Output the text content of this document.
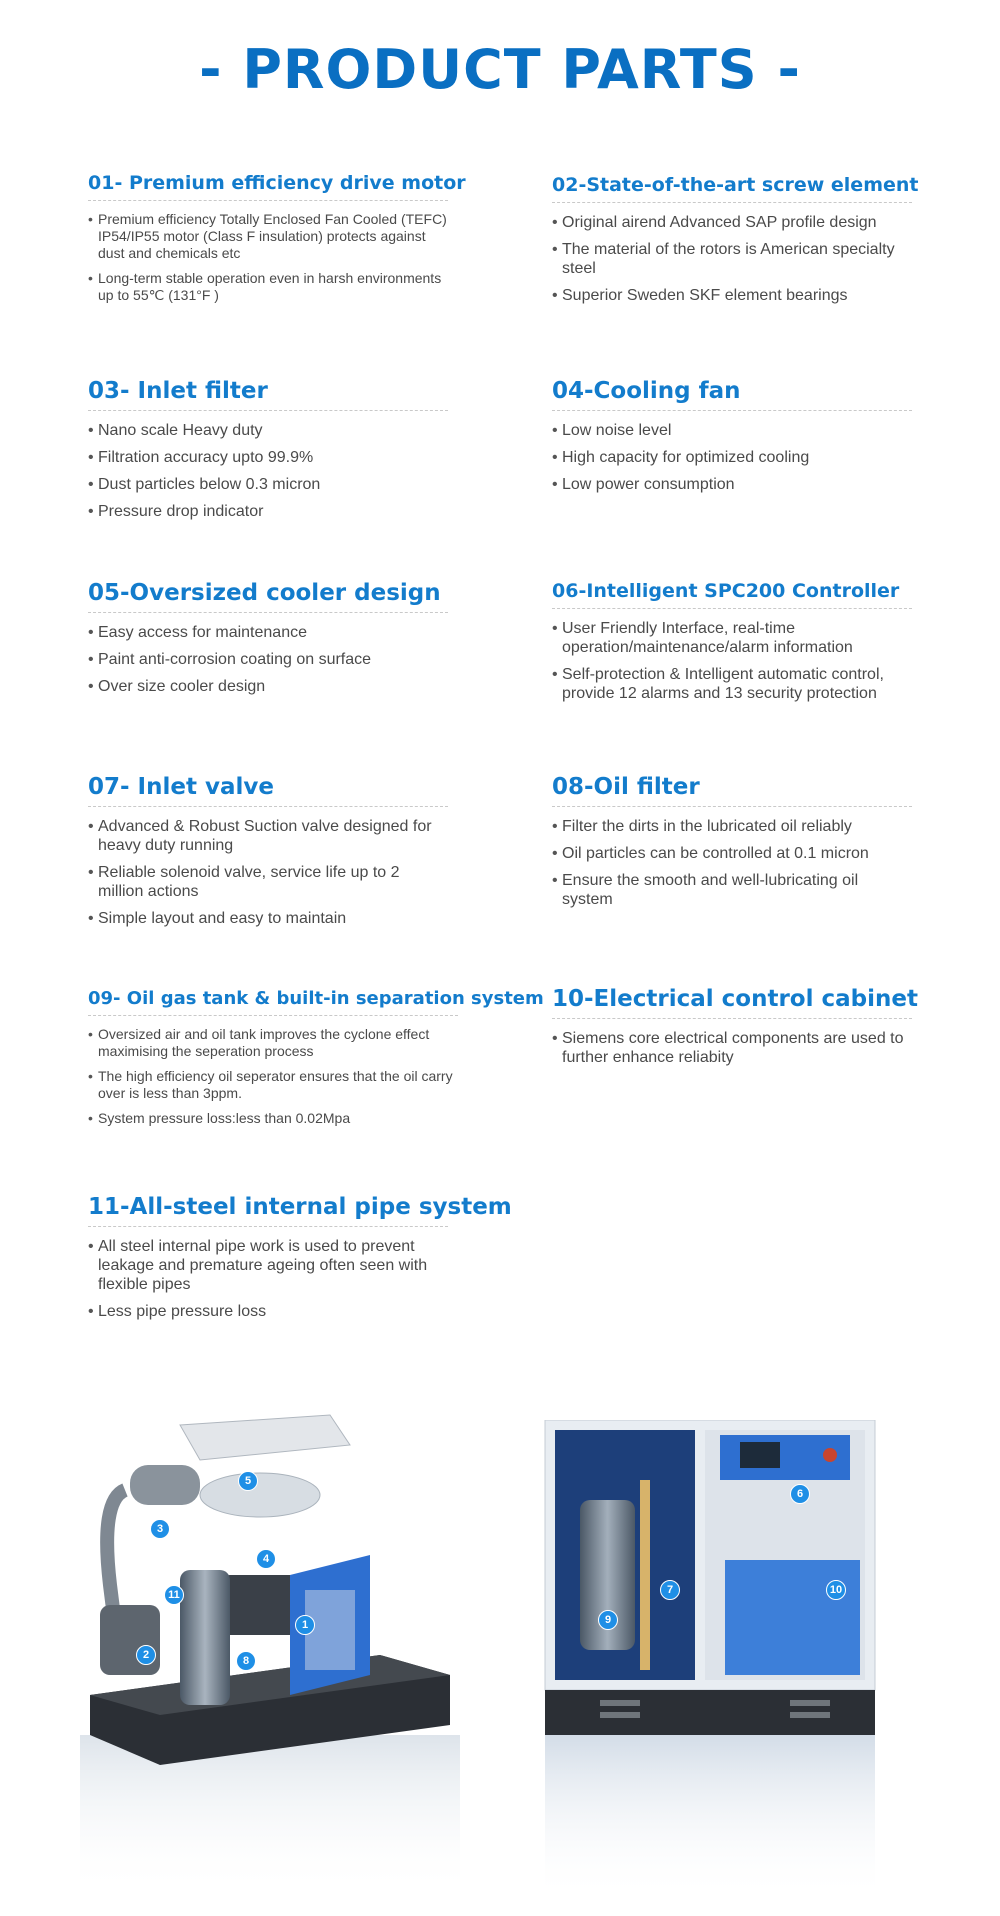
- PRODUCT PARTS -
01- Premium efficiency drive motor
• Premium efficiency Totally Enclosed Fan Cooled (TEFC) IP54/IP55 motor (Class F insulation) protects against dust and chemicals etc
• Long-term stable operation even in harsh environments up to 55℃ (131°F )
02-State-of-the-art screw element
• Original airend Advanced SAP profile design
• The material of the rotors is American specialty steel
• Superior Sweden SKF element bearings
03- Inlet filter
• Nano scale Heavy duty
• Filtration accuracy upto 99.9%
• Dust particles below 0.3 micron
• Pressure drop indicator
04-Cooling fan
• Low noise level
• High capacity for optimized cooling
• Low power consumption
05-Oversized cooler design
• Easy access for maintenance
• Paint anti-corrosion coating on surface
• Over size cooler design
06-Intelligent SPC200 Controller
• User Friendly Interface, real-time operation/maintenance/alarm information
• Self-protection & Intelligent automatic control, provide 12 alarms and 13 security protection
07- Inlet valve
• Advanced & Robust Suction valve designed for heavy duty running
• Reliable solenoid valve, service life up to 2 million actions
• Simple layout and easy to maintain
08-Oil filter
• Filter the dirts in the lubricated oil reliably
• Oil particles can be controlled at 0.1 micron
• Ensure the smooth and well-lubricating oil system
09- Oil gas tank & built-in separation system
• Oversized air and oil tank improves the cyclone effect maximising the seperation process
• The high efficiency oil seperator ensures that the oil carry over is less than 3ppm.
• System pressure loss:less than 0.02Mpa
10-Electrical control cabinet
• Siemens core electrical components are used to further enhance reliabity
11-All-steel internal pipe system
• All steel internal pipe work is used to prevent leakage and premature ageing often seen with flexible pipes
• Less pipe pressure loss
5
4
3
11
1
2	8
6
7
9
10
